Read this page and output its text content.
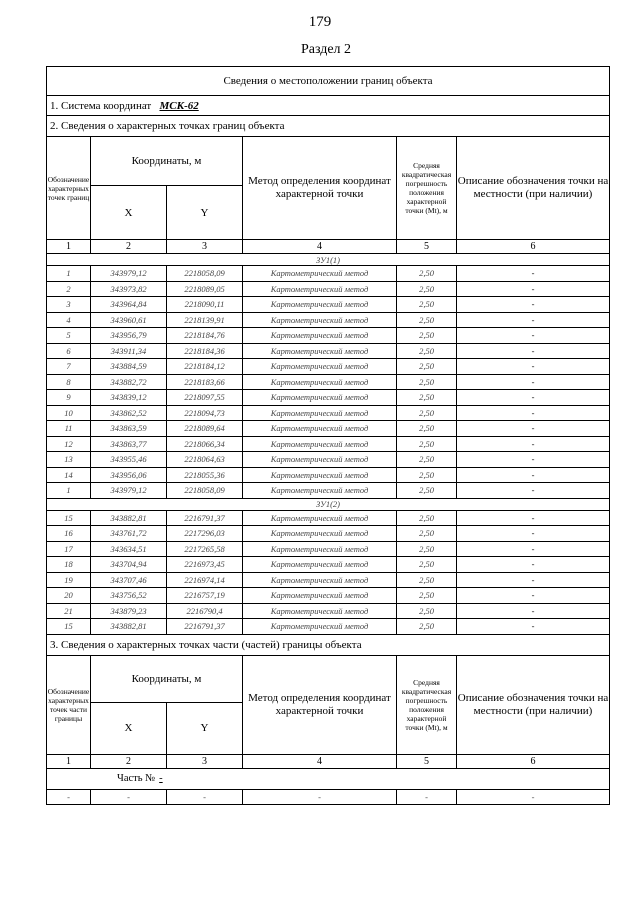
179
Раздел 2
Сведения о местоположении границ объекта					
1. Система координат МСК-62					
2. Сведения о характерных точках границ объекта					
Обозначение характерных точек границ	Координаты, м		Метод определения координат характерной точки	Средняя квадратическая погрешность положения характерной точки (Mt), м	Описание обозначения точки на местности (при наличии)
	X	Y			
1	2	3	4	5	6
ЗУ1(1)					
1	343979,12	2218058,09	Картометрический метод	2,50	-
2	343973,82	2218089,05	Картометрический метод	2,50	-
3	343964,84	2218090,11	Картометрический метод	2,50	-
4	343960,61	2218139,91	Картометрический метод	2,50	-
5	343956,79	2218184,76	Картометрический метод	2,50	-
6	343911,34	2218184,36	Картометрический метод	2,50	-
7	343884,59	2218184,12	Картометрический метод	2,50	-
8	343882,72	2218183,66	Картометрический метод	2,50	-
9	343839,12	2218097,55	Картометрический метод	2,50	-
10	343862,52	2218094,73	Картометрический метод	2,50	-
11	343863,59	2218089,64	Картометрический метод	2,50	-
12	343863,77	2218066,34	Картометрический метод	2,50	-
13	343955,46	2218064,63	Картометрический метод	2,50	-
14	343956,06	2218055,36	Картометрический метод	2,50	-
1	343979,12	2218058,09	Картометрический метод	2,50	-
ЗУ1(2)					
15	343882,81	2216791,37	Картометрический метод	2,50	-
16	343761,72	2217296,03	Картометрический метод	2,50	-
17	343634,51	2217265,58	Картометрический метод	2,50	-
18	343704,94	2216973,45	Картометрический метод	2,50	-
19	343707,46	2216974,14	Картометрический метод	2,50	-
20	343756,52	2216757,19	Картометрический метод	2,50	-
21	343879,23	2216790,4	Картометрический метод	2,50	-
15	343882,81	2216791,37	Картометрический метод	2,50	-
3. Сведения о характерных точках части (частей) границы объекта					
Обозначение характерных точек части границы	Координаты, м		Метод определения координат характерной точки	Средняя квадратическая погрешность положения характерной точки (Mt), м	Описание обозначения точки на местности (при наличии)
	X	Y			
1	2	3	4	5	6
Часть № -					
-	-	-	-	-	-
